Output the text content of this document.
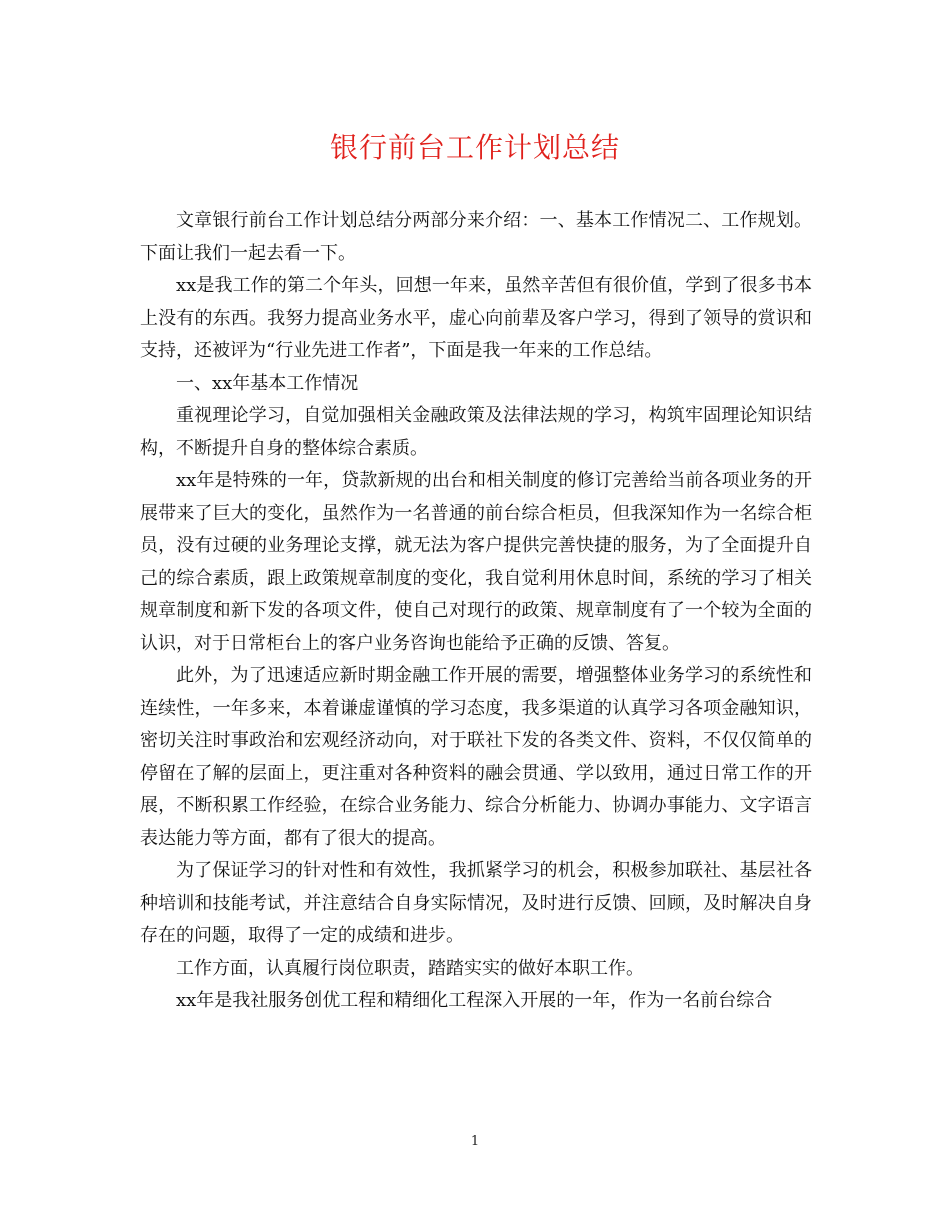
银行前台工作计划总结

文章银行前台工作计划总结分两部分来介绍：一、基本工作情况二、工作规划。下面让我们一起去看一下。

xx是我工作的第二个年头，回想一年来，虽然辛苦但有很价值，学到了很多书本上没有的东西。我努力提高业务水平，虚心向前辈及客户学习，得到了领导的赏识和支持，还被评为“行业先进工作者”，下面是我一年来的工作总结。

一、xx年基本工作情况

重视理论学习，自觉加强相关金融政策及法律法规的学习，构筑牢固理论知识结构，不断提升自身的整体综合素质。

xx年是特殊的一年，贷款新规的出台和相关制度的修订完善给当前各项业务的开展带来了巨大的变化，虽然作为一名普通的前台综合柜员，但我深知作为一名综合柜员，没有过硬的业务理论支撑，就无法为客户提供完善快捷的服务，为了全面提升自己的综合素质，跟上政策规章制度的变化，我自觉利用休息时间，系统的学习了相关规章制度和新下发的各项文件，使自己对现行的政策、规章制度有了一个较为全面的认识，对于日常柜台上的客户业务咨询也能给予正确的反馈、答复。

此外，为了迅速适应新时期金融工作开展的需要，增强整体业务学习的系统性和连续性，一年多来，本着谦虚谨慎的学习态度，我多渠道的认真学习各项金融知识，密切关注时事政治和宏观经济动向，对于联社下发的各类文件、资料，不仅仅简单的停留在了解的层面上，更注重对各种资料的融会贯通、学以致用，通过日常工作的开展，不断积累工作经验，在综合业务能力、综合分析能力、协调办事能力、文字语言表达能力等方面，都有了很大的提高。

为了保证学习的针对性和有效性，我抓紧学习的机会，积极参加联社、基层社各种培训和技能考试，并注意结合自身实际情况，及时进行反馈、回顾，及时解决自身存在的问题，取得了一定的成绩和进步。

工作方面，认真履行岗位职责，踏踏实实的做好本职工作。

xx年是我社服务创优工程和精细化工程深入开展的一年，作为一名前台综合

1
